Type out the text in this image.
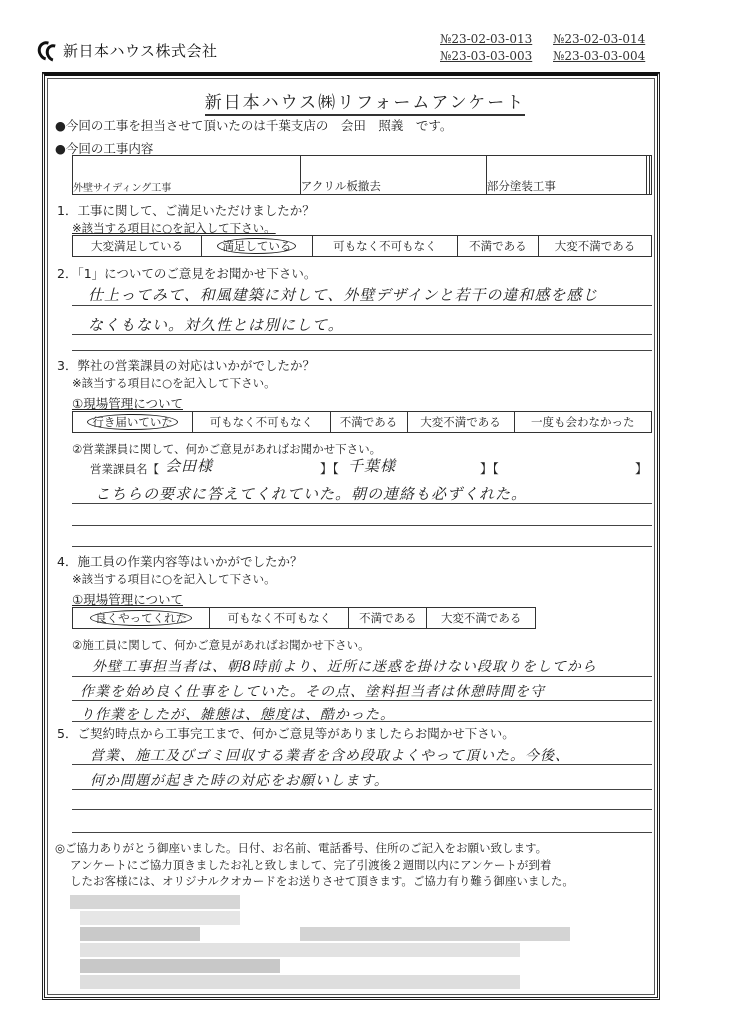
新日本ハウス株式会社
№23-02-03-013 №23-02-03-014
№23-03-03-003 №23-03-03-004
新日本ハウス㈱リフォームアンケート
●今回の工事を担当させて頂いたのは千葉支店の　会田　照義　です。
●今回の工事内容
外壁サイディング工事	アクリル板撤去	部分塗装工事		
1．工事に関して、ご満足いただけましたか？
※該当する項目に○を記入して下さい。
大変満足している	満足している	可もなく不可もなく	不満である	大変不満である
2．「1」についてのご意見をお聞かせ下さい。
仕上ってみて、和風建築に対して、外壁デザインと若干の違和感を感じ
なくもない。対久性とは別にして。
3．弊社の営業課員の対応はいかがでしたか？
※該当する項目に○を記入して下さい。
①現場管理について
行き届いていた	可もなく不可もなく	不満である	大変不満である	一度も会わなかった
②営業課員に関して、何かご意見があればお聞かせ下さい。
営業課員名【 会田様	】【 千葉様	】【	】
こちらの要求に答えてくれていた。朝の連絡も必ずくれた。
4．施工員の作業内容等はいかがでしたか？
※該当する項目に○を記入して下さい。
①現場管理について
良くやってくれた	可もなく不可もなく	不満である	大変不満である
②施工員に関して、何かご意見があればお聞かせ下さい。
外壁工事担当者は、朝8時前より、近所に迷惑を掛けない段取りをしてから
作業を始め良く仕事をしていた。その点、塗料担当者は休憩時間を守
り作業をしたが、雑態は、態度は、酷かった。
5．ご契約時点から工事完工まで、何かご意見等がありましたらお聞かせ下さい。
営業、施工及びゴミ回収する業者を含め段取よくやって頂いた。今後、
何か問題が起きた時の対応をお願いします。
◎ご協力ありがとう御座いました。日付、お名前、電話番号、住所のご記入をお願い致します。
アンケートにご協力頂きましたお礼と致しまして、完了引渡後２週間以内にアンケートが到着
したお客様には、オリジナルクオカードをお送りさせて頂きます。ご協力有り難う御座いました。
